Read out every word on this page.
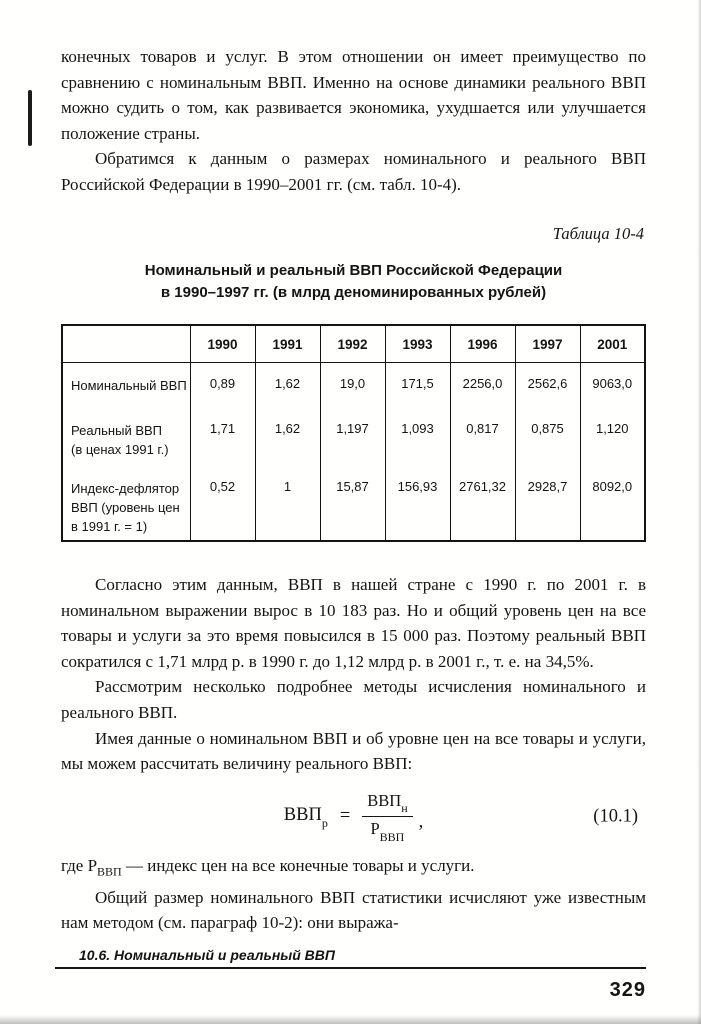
конечных товаров и услуг. В этом отношении он имеет преимущество по сравнению с номинальным ВВП. Именно на основе динамики реального ВВП можно судить о том, как развивается экономика, ухудшается или улучшается положение страны.

Обратимся к данным о размерах номинального и реального ВВП Российской Федерации в 1990–2001 гг. (см. табл. 10-4).

Таблица 10-4
Номинальный и реальный ВВП Российской Федерации
в 1990–1997 гг. (в млрд деноминированных рублей)
	1990	1991	1992	1993	1996	1997	2001

Номинальный ВВП	0,89	1,62	19,0	171,5	2256,0	2562,6	9063,0

Реальный ВВП
(в ценах 1991 г.)	1,71	1,62	1,197	1,093	0,817	0,875	1,120

Индекс-дефлятор
ВВП (уровень цен
в 1991 г. = 1)	0,52	1	15,87	156,93	2761,32	2928,7	8092,0

Согласно этим данным, ВВП в нашей стране с 1990 г. по 2001 г. в номинальном выражении вырос в 10 183 раз. Но и общий уровень цен на все товары и услуги за это время повысился в 15 000 раз. Поэтому реальный ВВП сократился с 1,71 млрд р. в 1990 г. до 1,12 млрд р. в 2001 г., т. е. на 34,5%.

Рассмотрим несколько подробнее методы исчисления номинального и реального ВВП.

Имея данные о номинальном ВВП и об уровне цен на все товары и услуги, мы можем рассчитать величину реального ВВП:

$ВВП_р = \frac{ВВП_н}{Р_{ВВП}}$ ,	(10.1)

где $Р_{ВВП}$ — индекс цен на все конечные товары и услуги.

Общий размер номинального ВВП статистики исчисляют уже известным нам методом (см. параграф 10-2): они выража-

10.6. Номинальный и реальный ВВП
329
